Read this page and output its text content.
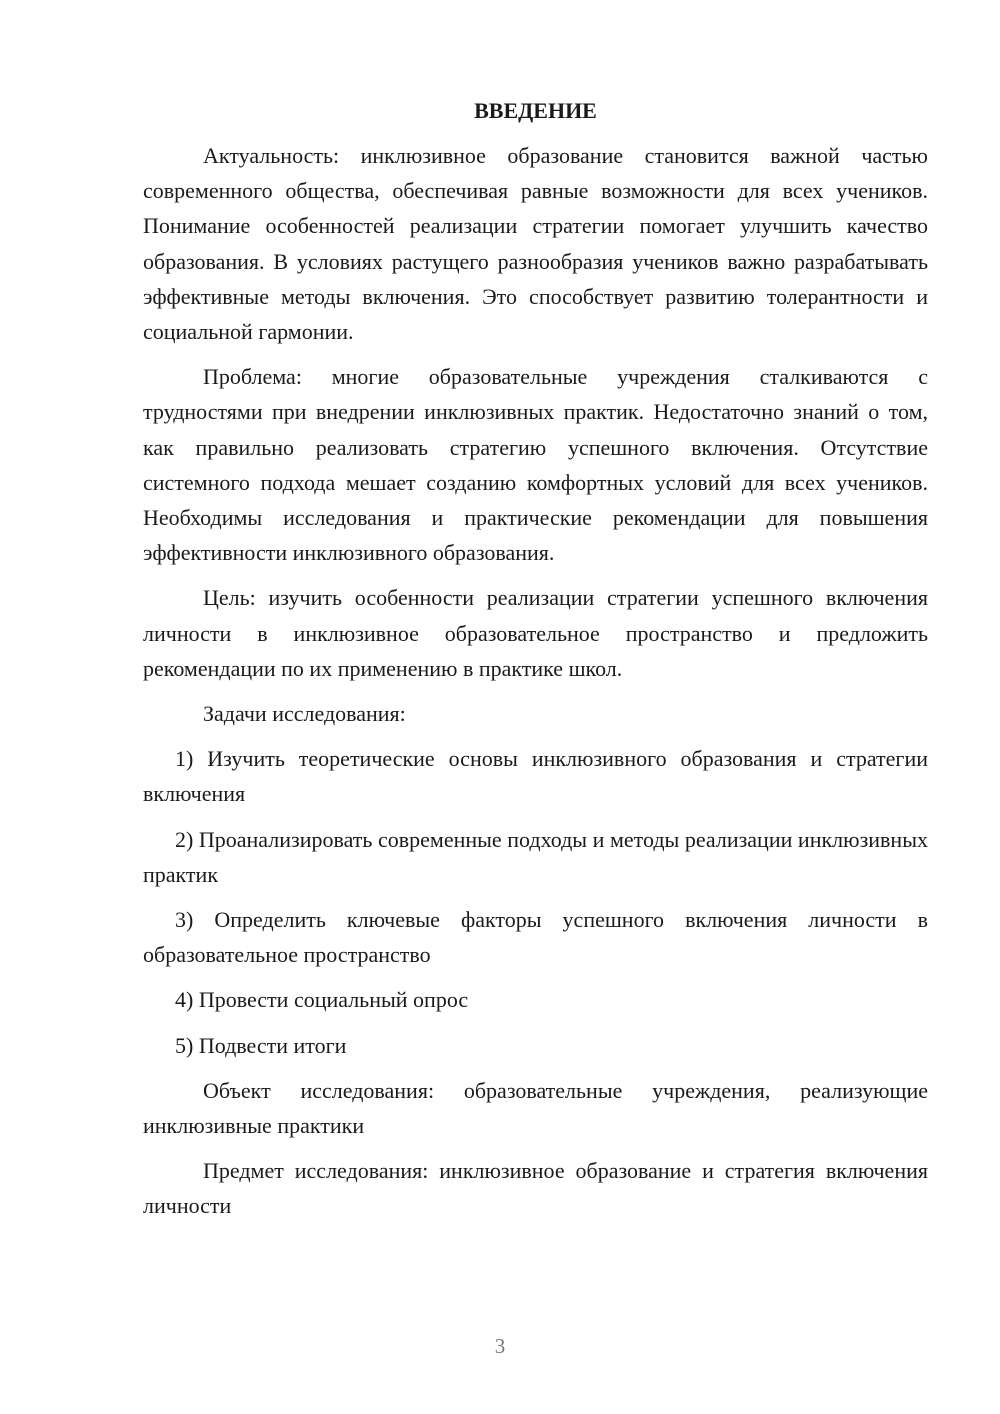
ВВЕДЕНИЕ

Актуальность: инклюзивное образование становится важной частью современного общества, обеспечивая равные возможности для всех учеников. Понимание особенностей реализации стратегии помогает улучшить качество образования. В условиях растущего разнообразия учеников важно разрабатывать эффективные методы включения. Это способствует развитию толерантности и социальной гармонии.

Проблема: многие образовательные учреждения сталкиваются с трудностями при внедрении инклюзивных практик. Недостаточно знаний о том, как правильно реализовать стратегию успешного включения. Отсутствие системного подхода мешает созданию комфортных условий для всех учеников. Необходимы исследования и практические рекомендации для повышения эффективности инклюзивного образования.

Цель: изучить особенности реализации стратегии успешного включения личности в инклюзивное образовательное пространство и предложить рекомендации по их применению в практике школ.

Задачи исследования:

1) Изучить теоретические основы инклюзивного образования и стратегии включения

2) Проанализировать современные подходы и методы реализации инклюзивных практик

3) Определить ключевые факторы успешного включения личности в образовательное пространство

4) Провести социальный опрос

5) Подвести итоги

Объект исследования: образовательные учреждения, реализующие инклюзивные практики

Предмет исследования: инклюзивное образование и стратегия включения личности

3
